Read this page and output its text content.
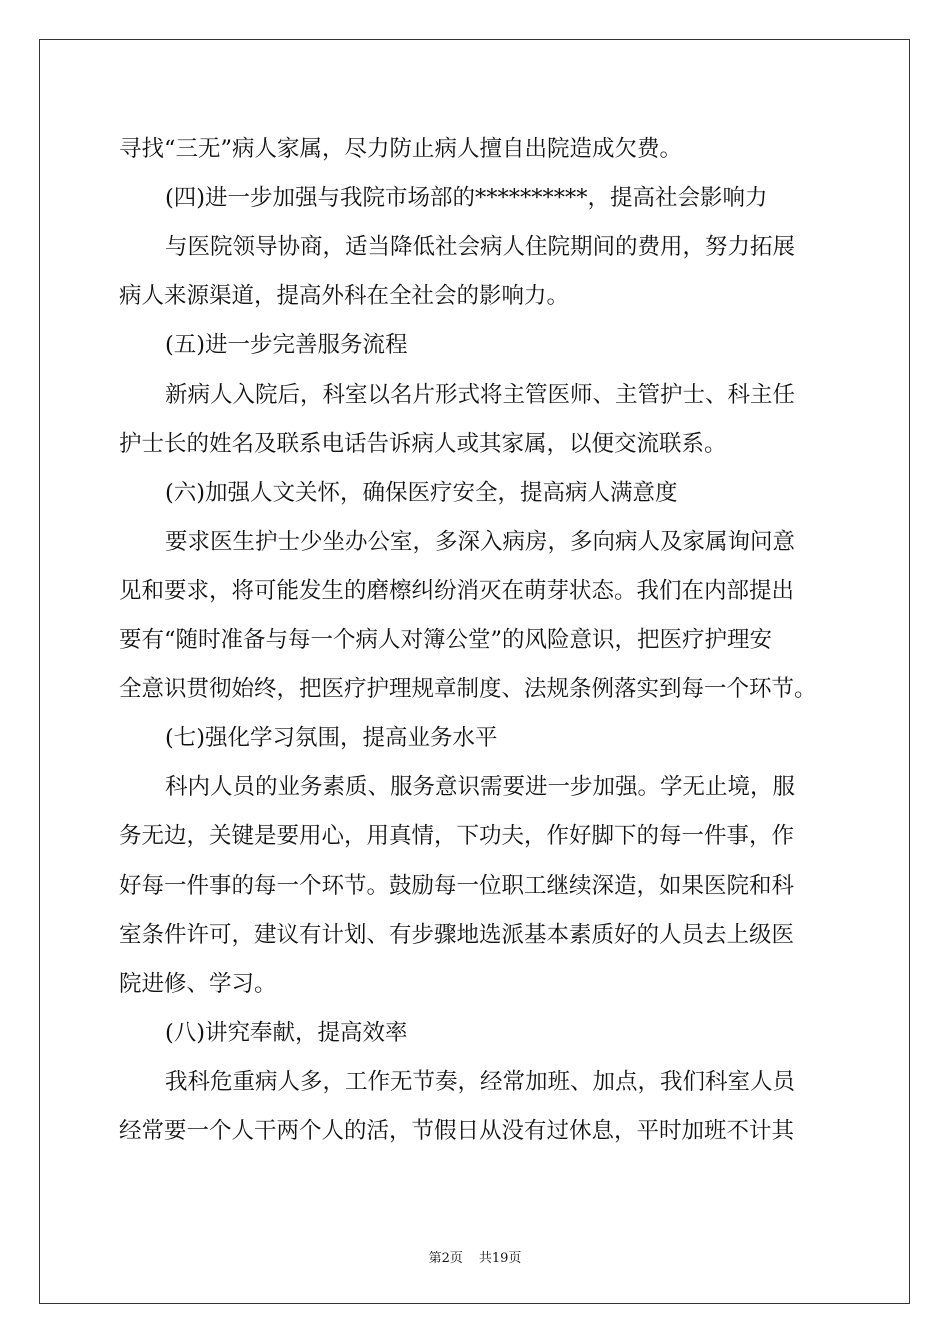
寻找“三无”病人家属，尽力防止病人擅自出院造成欠费。
(四)进一步加强与我院市场部的**********，提高社会影响力
与医院领导协商，适当降低社会病人住院期间的费用，努力拓展
病人来源渠道，提高外科在全社会的影响力。
(五)进一步完善服务流程
新病人入院后，科室以名片形式将主管医师、主管护士、科主任
护士长的姓名及联系电话告诉病人或其家属，以便交流联系。
(六)加强人文关怀，确保医疗安全，提高病人满意度
要求医生护士少坐办公室，多深入病房，多向病人及家属询问意
见和要求，将可能发生的磨檫纠纷消灭在萌芽状态。我们在内部提出
要有“随时准备与每一个病人对簿公堂”的风险意识，把医疗护理安
全意识贯彻始终，把医疗护理规章制度、法规条例落实到每一个环节。
(七)强化学习氛围，提高业务水平
科内人员的业务素质、服务意识需要进一步加强。学无止境，服
务无边，关键是要用心，用真情，下功夫，作好脚下的每一件事，作
好每一件事的每一个环节。鼓励每一位职工继续深造，如果医院和科
室条件许可，建议有计划、有步骤地选派基本素质好的人员去上级医
院进修、学习。
(八)讲究奉献，提高效率
我科危重病人多，工作无节奏，经常加班、加点，我们科室人员
经常要一个人干两个人的活，节假日从没有过休息，平时加班不计其
第2页 共19页
